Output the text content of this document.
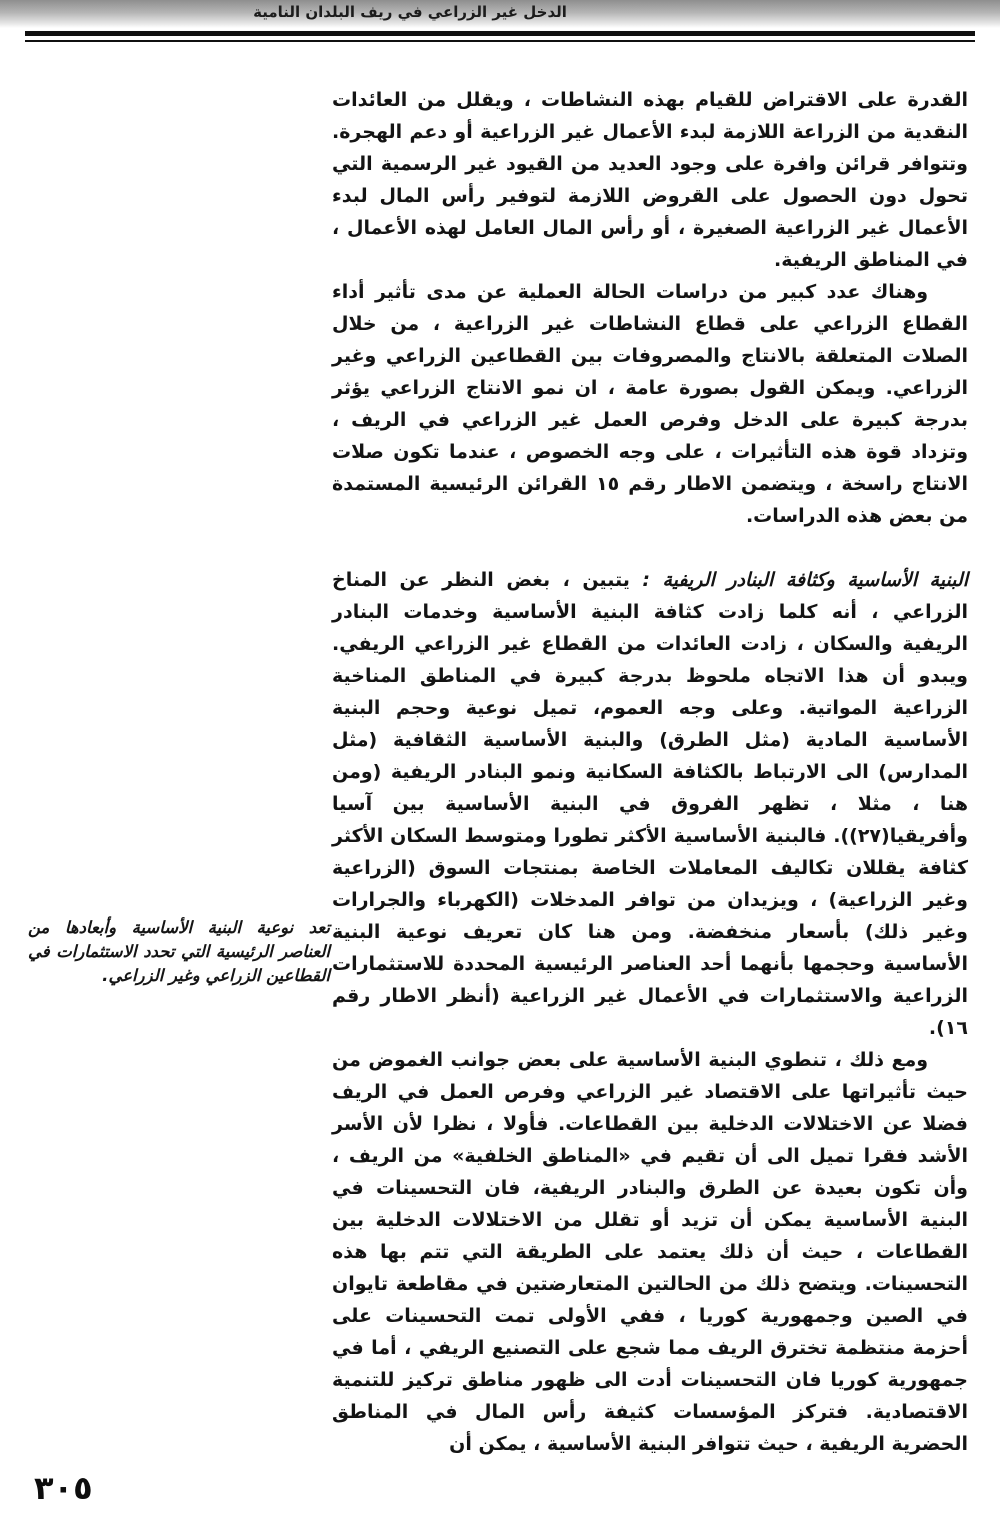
الدخل غير الزراعي في ريف البلدان النامية

القدرة على الاقتراض للقيام بهذه النشاطات ، ويقلل من العائدات النقدية من الزراعة اللازمة لبدء الأعمال غير الزراعية أو دعم الهجرة. وتتوافر قرائن وافرة على وجود العديد من القيود غير الرسمية التي تحول دون الحصول على القروض اللازمة لتوفير رأس المال لبدء الأعمال غير الزراعية الصغيرة ، أو رأس المال العامل لهذه الأعمال ، في المناطق الريفية.

وهناك عدد كبير من دراسات الحالة العملية عن مدى تأثير أداء القطاع الزراعي على قطاع النشاطات غير الزراعية ، من خلال الصلات المتعلقة بالانتاج والمصروفات بين القطاعين الزراعي وغير الزراعي. ويمكن القول بصورة عامة ، ان نمو الانتاج الزراعي يؤثر بدرجة كبيرة على الدخل وفرص العمل غير الزراعي في الريف ، وتزداد قوة هذه التأثيرات ، على وجه الخصوص ، عندما تكون صلات الانتاج راسخة ، ويتضمن الاطار رقم ١٥ القرائن الرئيسية المستمدة من بعض هذه الدراسات.

البنية الأساسية وكثافة البنادر الريفية : يتبين ، بغض النظر عن المناخ الزراعي ، أنه كلما زادت كثافة البنية الأساسية وخدمات البنادر الريفية والسكان ، زادت العائدات من القطاع غير الزراعي الريفي. ويبدو أن هذا الاتجاه ملحوظ بدرجة كبيرة في المناطق المناخية الزراعية المواتية. وعلى وجه العموم، تميل نوعية وحجم البنية الأساسية المادية (مثل الطرق) والبنية الأساسية الثقافية (مثل المدارس) الى الارتباط بالكثافة السكانية ونمو البنادر الريفية (ومن هنا ، مثلا ، تظهر الفروق في البنية الأساسية بين آسيا وأفريقيا(٢٧)). فالبنية الأساسية الأكثر تطورا ومتوسط السكان الأكثر كثافة يقللان تكاليف المعاملات الخاصة بمنتجات السوق (الزراعية وغير الزراعية) ، ويزيدان من توافر المدخلات (الكهرباء والجرارات وغير ذلك) بأسعار منخفضة. ومن هنا كان تعريف نوعية البنية الأساسية وحجمها بأنهما أحد العناصر الرئيسية المحددة للاستثمارات الزراعية والاستثمارات في الأعمال غير الزراعية (أنظر الاطار رقم ١٦).

ومع ذلك ، تنطوي البنية الأساسية على بعض جوانب الغموض من حيث تأثيراتها على الاقتصاد غير الزراعي وفرص العمل في الريف فضلا عن الاختلالات الدخلية بين القطاعات. فأولا ، نظرا لأن الأسر الأشد فقرا تميل الى أن تقيم في «المناطق الخلفية» من الريف ، وأن تكون بعيدة عن الطرق والبنادر الريفية، فان التحسينات في البنية الأساسية يمكن أن تزيد أو تقلل من الاختلالات الدخلية بين القطاعات ، حيث أن ذلك يعتمد على الطريقة التي تتم بها هذه التحسينات. ويتضح ذلك من الحالتين المتعارضتين في مقاطعة تايوان في الصين وجمهورية كوريا ، ففي الأولى تمت التحسينات على أحزمة منتظمة تخترق الريف مما شجع على التصنيع الريفي ، أما في جمهورية كوريا فان التحسينات أدت الى ظهور مناطق تركيز للتنمية الاقتصادية. فتركز المؤسسات كثيفة رأس المال في المناطق الحضرية الريفية ، حيث تتوافر البنية الأساسية ، يمكن أن

تعد نوعية البنية الأساسية وأبعادها من العناصر الرئيسية التي تحدد الاستثمارات في القطاعين الزراعي وغير الزراعي.
٣٠٥
